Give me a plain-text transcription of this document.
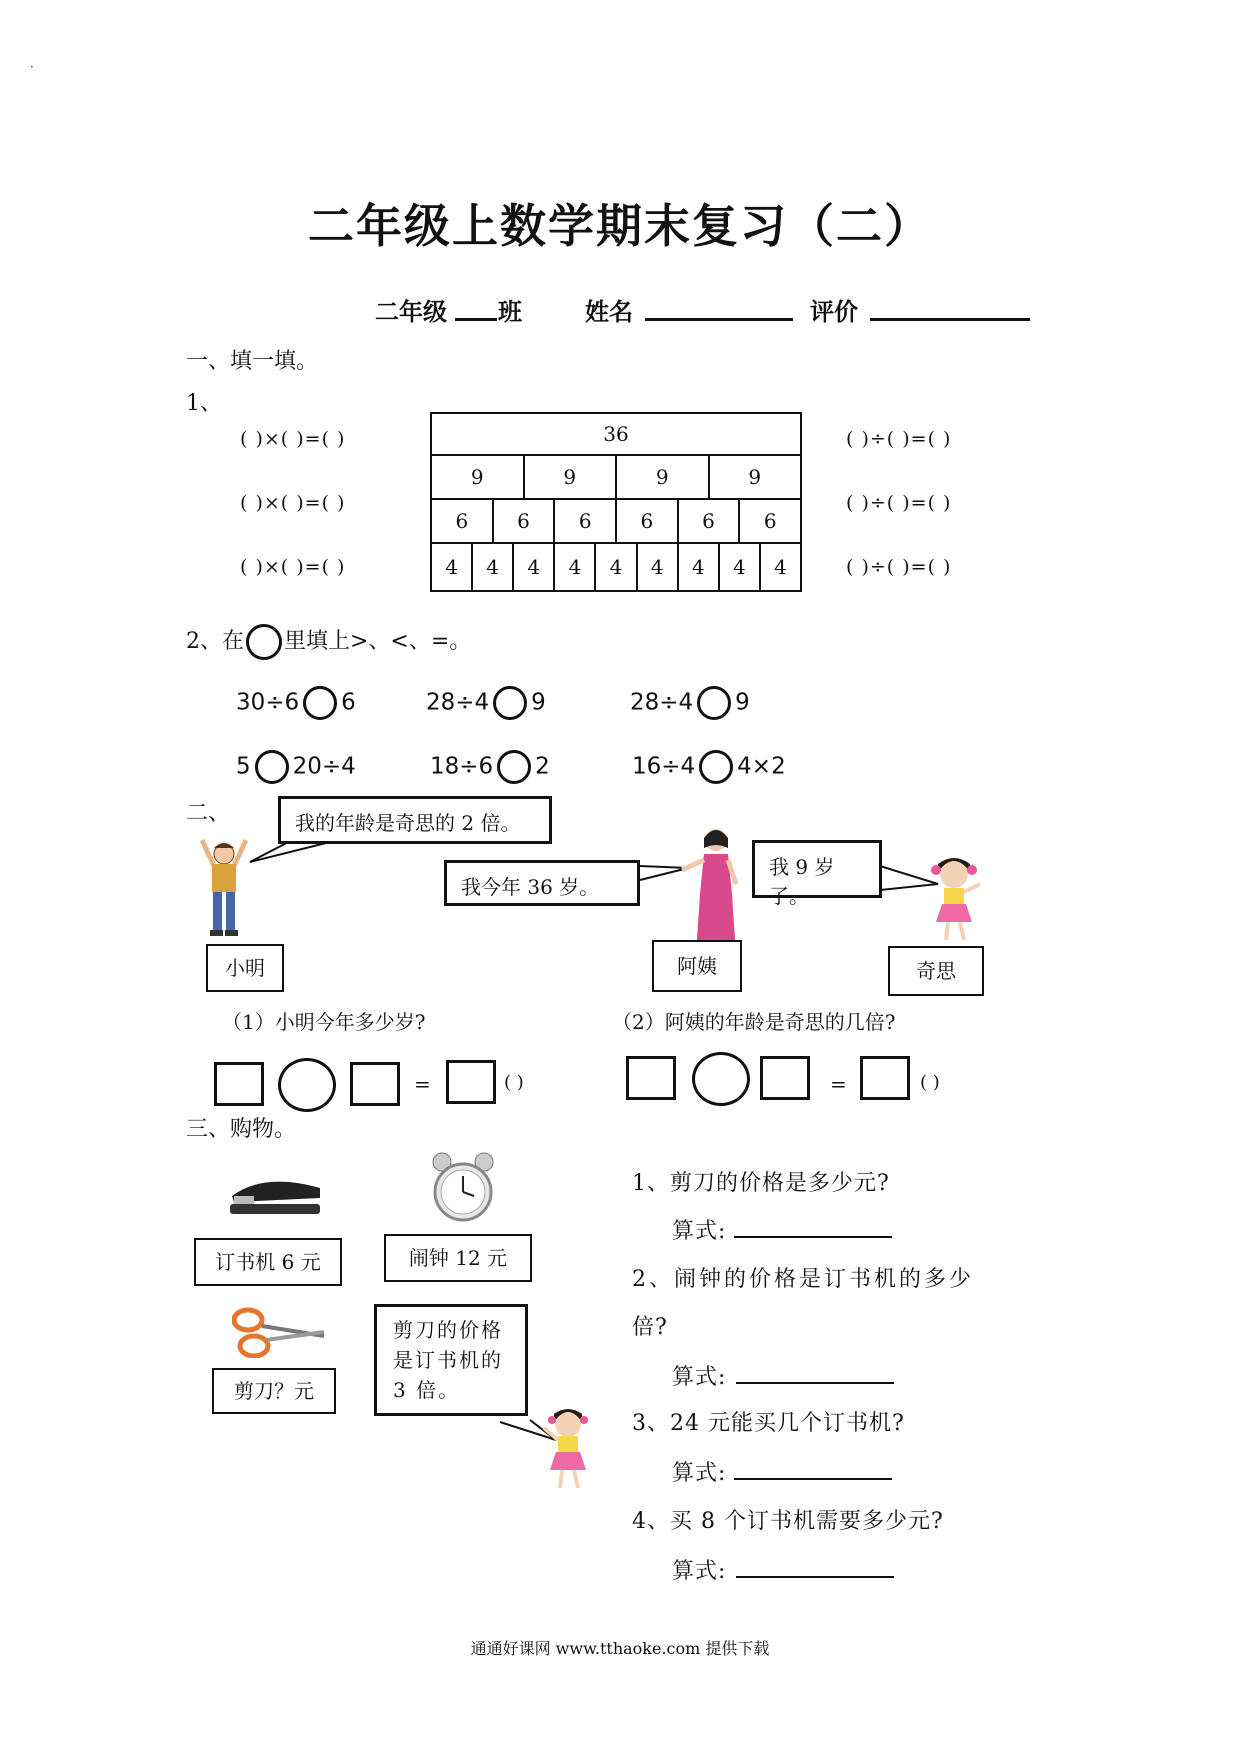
·
二年级上数学期末复习（二）
二年级 班	姓名	评价
一、填一填。
1、
( )×( )=( )
( )×( )=( )
( )×( )=( )
( )÷( )=( )
( )÷( )=( )
( )÷( )=( )
36
9	9	9	9
6	6	6	6	6	6
4	4	4	4	4	4	4	4	4
2、在 里填上>、<、=。
30÷6 6	28÷4 9	28÷4 9
5 20÷4	18÷6 2	16÷4 4×2
二、	我的年龄是奇思的 2 倍。
我今年 36 岁。
我 9 岁了。
小明	阿姨	奇思
（1）小明今年多少岁?	（2）阿姨的年龄是奇思的几倍?
=	( )	=	( )
三、购物。
订书机 6 元	闹钟 12 元
剪刀？元
剪刀的价格
是订书机的
3 倍。
1、剪刀的价格是多少元?
算式:
2、闹钟的价格是订书机的多少
倍?
算式:
3、24 元能买几个订书机?
算式:
4、买 8 个订书机需要多少元?
算式:
通通好课网 www.tthaoke.com 提供下载
